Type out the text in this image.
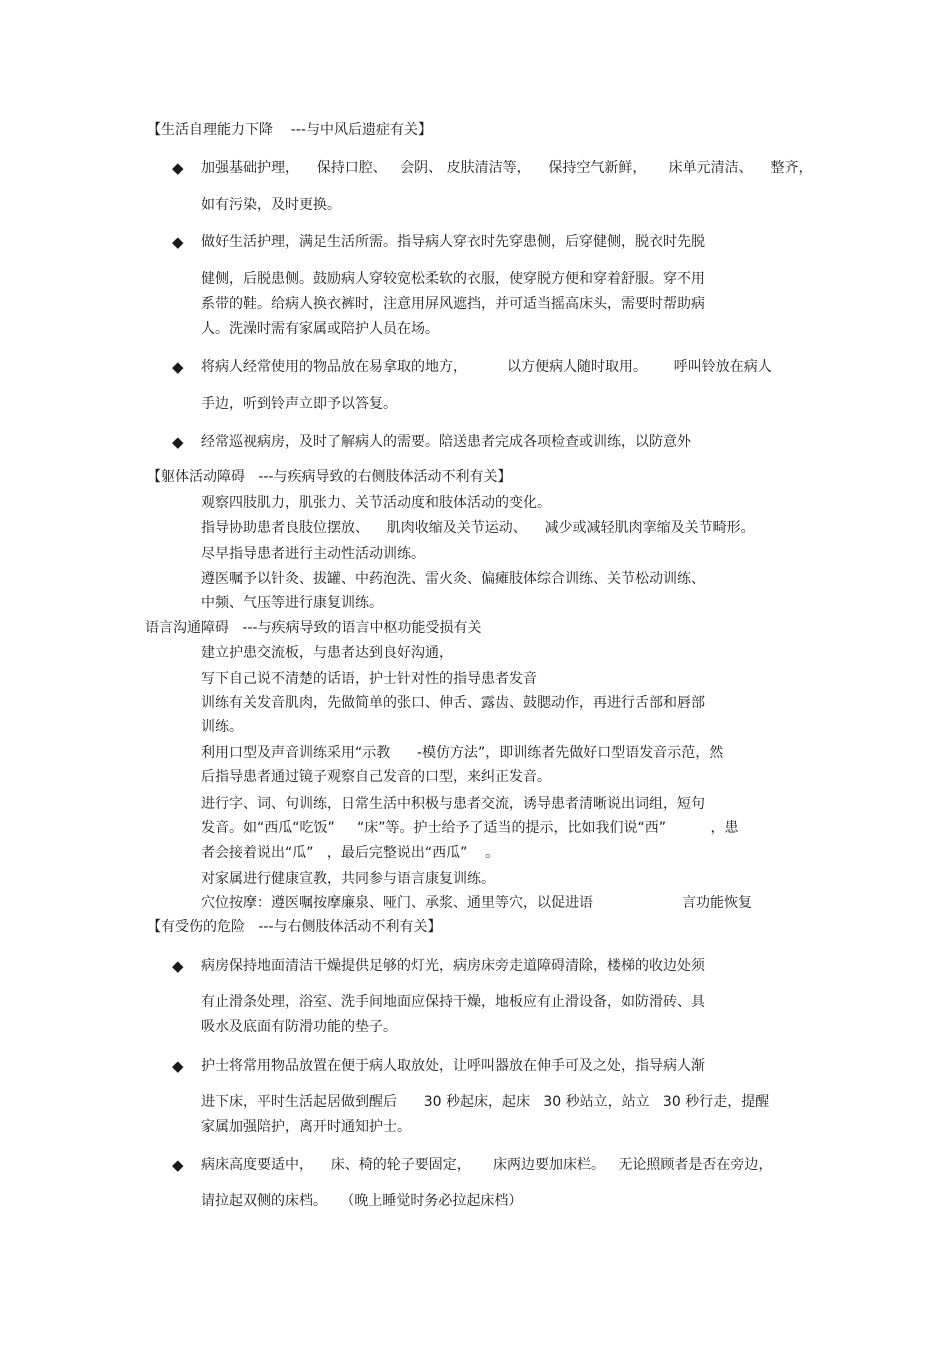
【生活自理能力下降    ---与中风后遗症有关】
◆ 加强基础护理，    保持口腔、   会阴、 皮肤清洁等，    保持空气新鲜，     床单元清洁、    整齐，
如有污染，及时更换。
◆ 做好生活护理，满足生活所需。指导病人穿衣时先穿患侧，后穿健侧，脱衣时先脱
健侧，后脱患侧。鼓励病人穿较宽松柔软的衣服，使穿脱方便和穿着舒服。穿不用
系带的鞋。给病人换衣裤时，注意用屏风遮挡，并可适当摇高床头，需要时帮助病
人。洗澡时需有家属或陪护人员在场。
◆ 将病人经常使用的物品放在易拿取的地方，         以方便病人随时取用。      呼叫铃放在病人
手边，听到铃声立即予以答复。
◆ 经常巡视病房，及时了解病人的需要。陪送患者完成各项检查或训练，以防意外
【躯体活动障碍   ---与疾病导致的右侧肢体活动不利有关】
观察四肢肌力，肌张力、关节活动度和肢体活动的变化。
指导协助患者良肢位摆放、    肌肉收缩及关节运动、    减少或减轻肌肉挛缩及关节畸形。
尽早指导患者进行主动性活动训练。
遵医嘱予以针灸、拔罐、中药泡洗、雷火灸、偏瘫肢体综合训练、关节松动训练、
中频、气压等进行康复训练。
语言沟通障碍   ---与疾病导致的语言中枢功能受损有关
建立护患交流板，与患者达到良好沟通，
写下自己说不清楚的话语，护士针对性的指导患者发音
训练有关发音肌肉，先做简单的张口、伸舌、露齿、鼓腮动作，再进行舌部和唇部
训练。
利用口型及声音训练采用“示教      -模仿方法”，即训练者先做好口型语发音示范，然
后指导患者通过镜子观察自己发音的口型，来纠正发音。
进行字、词、句训练，日常生活中积极与患者交流，诱导患者清晰说出词组，短句
发音。如“西瓜“吃饭”     “床”等。护士给予了适当的提示，比如我们说“西”          ，患
者会接着说出“瓜”   ，最后完整说出“西瓜”    。
对家属进行健康宣教，共同参与语言康复训练。
穴位按摩：遵医嘱按摩廉泉、哑门、承浆、通里等穴，以促进语                    言功能恢复
【有受伤的危险   ---与右侧肢体活动不利有关】
◆ 病房保持地面清洁干燥提供足够的灯光，病房床旁走道障碍清除，楼梯的收边处须
有止滑条处理，浴室、洗手间地面应保持干燥，地板应有止滑设备，如防滑砖、具
吸水及底面有防滑功能的垫子。
◆ 护士将常用物品放置在便于病人取放处，让呼叫器放在伸手可及之处，指导病人渐
进下床，平时生活起居做到醒后      30 秒起床，起床   30 秒站立，站立   30 秒行走，提醒
家属加强陪护，离开时通知护士。
◆ 病床高度要适中，    床、椅的轮子要固定，     床两边要加床栏。   无论照顾者是否在旁边，
请拉起双侧的床档。   （晚上睡觉时务必拉起床档）
